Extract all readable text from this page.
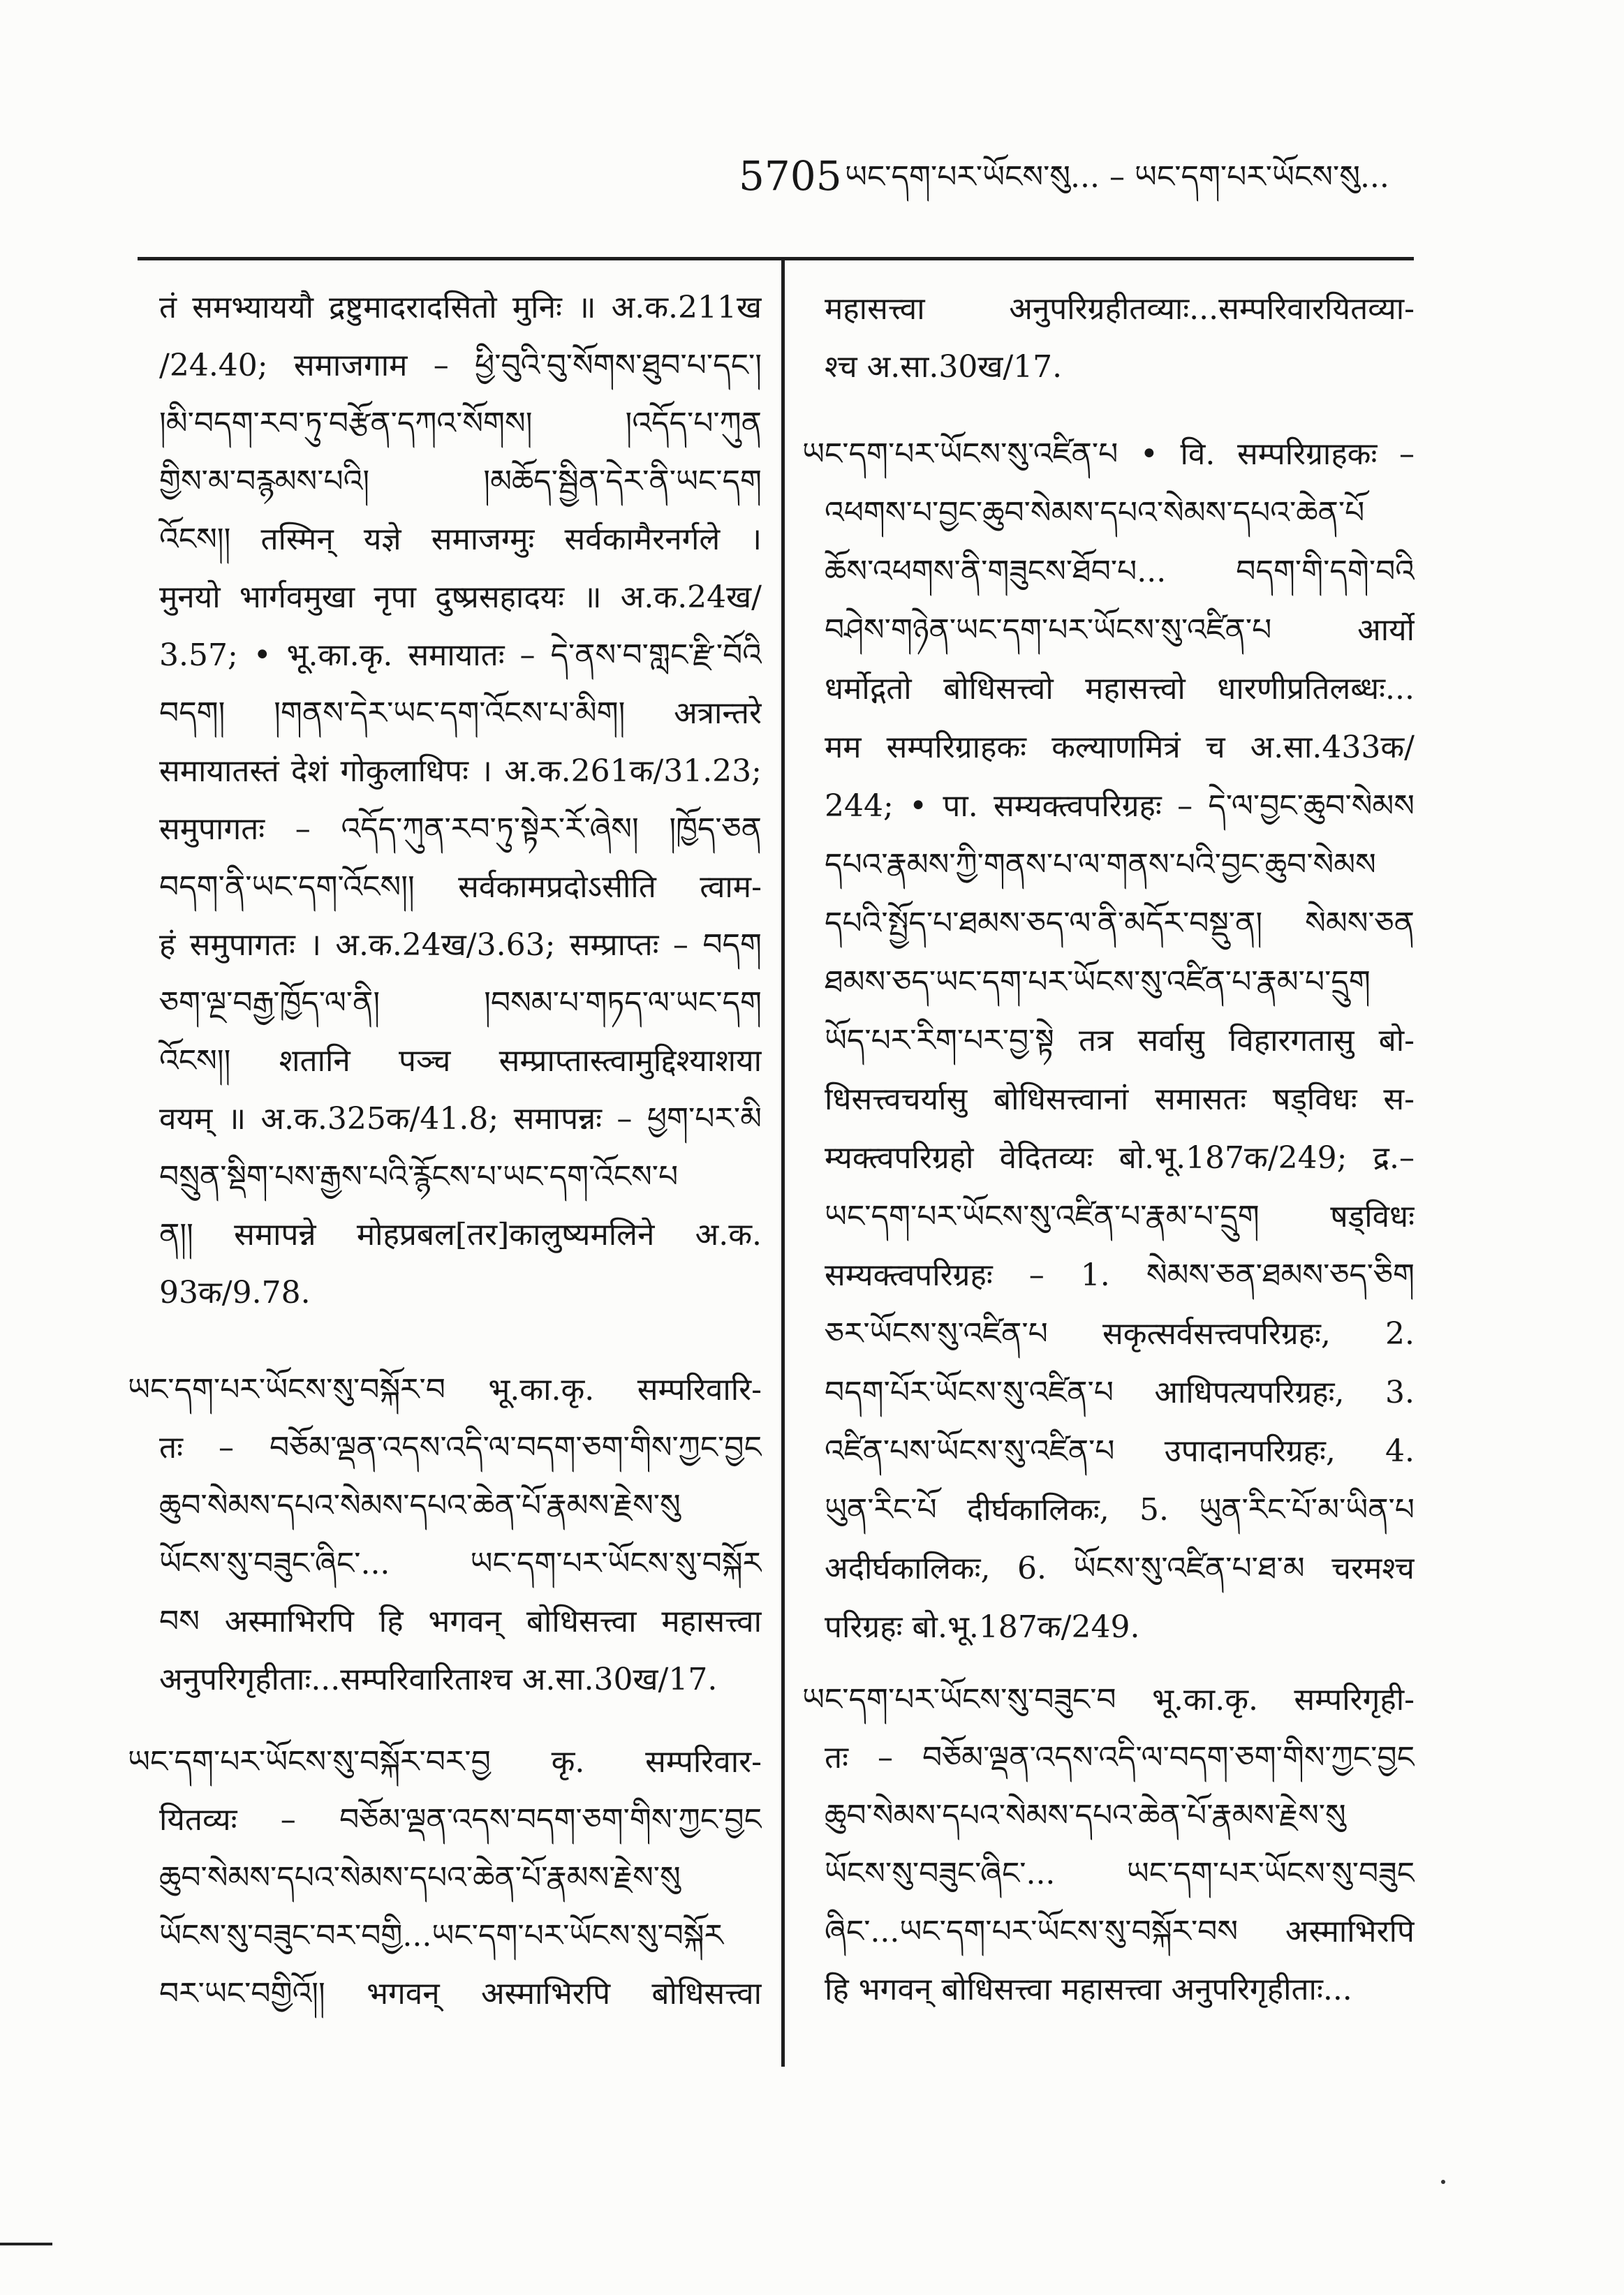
5705 ཡང་དག་པར་ཡོངས་སུ... – ཡང་དག་པར་ཡོངས་སུ...
तं समभ्याययौ द्रष्टुमादरादसितो मुनिः ॥ अ.क.211ख
/24.40; समाजगाम – ཕྱི་བུའི་བུ་སོགས་ཐུབ་པ་དང་།
།མི་བདག་རབ་ཏུ་བརྩོན་དཀའ་སོགས། །འདོད་པ་ཀུན
གྱིས་མ་བརྙམས་པའི། །མཆོད་སྦྱིན་དེར་ནི་ཡང་དག
འོངས།། तस्मिन् यज्ञे समाजग्मुः सर्वकामैरनर्गले ।
मुनयो भार्गवमुखा नृपा दुष्प्रसहादयः ॥ अ.क.24ख/
3.57; • भू.का.कृ. समायातः – དེ་ནས་བ་གླང་རྫི་བོའི
བདག། །གནས་དེར་ཡང་དག་འོངས་པ་མིག། अत्रान्तरे
समायातस्तं देशं गोकुलाधिपः । अ.क.261क/31.23;
समुपागतः – འདོད་ཀུན་རབ་ཏུ་སྟེར་རོ་ཞེས། །ཁྱོད་ཅན
བདག་ནི་ཡང་དག་འོངས།། सर्वकामप्रदोऽसीति त्वाम-
हं समुपागतः । अ.क.24ख/3.63; सम्प्राप्तः – བདག
ཅག་ལྔ་བརྒྱ་ཁྱོད་ལ་ནི། །བསམ་པ་གཏད་ལ་ཡང་དག
འོངས།། शतानि पञ्च सम्प्राप्तास्त्वामुद्दिश्याशया
वयम् ॥ अ.क.325क/41.8; समापन्नः – ཕྱག་པར་མི
བསྲུན་སྡིག་པས་རྒྱས་པའི་རྙོངས་པ་ཡང་དག་འོངས་པ
ན།། समापन्ने मोहप्रबल[तर]कालुष्यमलिने अ.क.
93क/9.78.
ཡང་དག་པར་ཡོངས་སུ་བསྐོར་བ भू.का.कृ. सम्परिवारि-
तः – བཅོམ་ལྡན་འདས་འདི་ལ་བདག་ཅག་གིས་ཀྱང་བྱང
ཆུབ་སེམས་དཔའ་སེམས་དཔའ་ཆེན་པོ་རྣམས་རྗེས་སུ
ཡོངས་སུ་བཟུང་ཞིང་... ཡང་དག་པར་ཡོངས་སུ་བསྐོར
བས अस्माभिरपि हि भगवन् बोधिसत्त्वा महासत्त्वा
अनुपरिगृहीताः...सम्परिवारिताश्च अ.सा.30ख/17.
ཡང་དག་པར་ཡོངས་སུ་བསྐོར་བར་བྱ कृ. सम्परिवार-
यितव्यः – བཅོམ་ལྡན་འདས་བདག་ཅག་གིས་ཀྱང་བྱང
ཆུབ་སེམས་དཔའ་སེམས་དཔའ་ཆེན་པོ་རྣམས་རྗེས་སུ
ཡོངས་སུ་བཟུང་བར་བགྱི...ཡང་དག་པར་ཡོངས་སུ་བསྐོར
བར་ཡང་བགྱིའོ།། भगवन् अस्माभिरपि बोधिसत्त्वा
महासत्त्वा अनुपरिग्रहीतव्याः...सम्परिवारयितव्या-
श्च अ.सा.30ख/17.
ཡང་དག་པར་ཡོངས་སུ་འཛིན་པ • वि. सम्परिग्राहकः –
འཕགས་པ་བྱང་ཆུབ་སེམས་དཔའ་སེམས་དཔའ་ཆེན་པོ
ཆོས་འཕགས་ནི་གཟུངས་ཐོབ་པ... བདག་གི་དགེ་བའི
བཤེས་གཉེན་ཡང་དག་པར་ཡོངས་སུ་འཛིན་པ आर्यो
धर्मोद्गतो बोधिसत्त्वो महासत्त्वो धारणीप्रतिलब्धः...
मम सम्परिग्राहकः कल्याणमित्रं च अ.सा.433क/
244; • पा. सम्यक्त्वपरिग्रहः – དེ་ལ་བྱང་ཆུབ་སེམས
དཔའ་རྣམས་ཀྱི་གནས་པ་ལ་གནས་པའི་བྱང་ཆུབ་སེམས
དཔའི་སྤྱོད་པ་ཐམས་ཅད་ལ་ནི་མདོར་བསྡུ་ན། སེམས་ཅན
ཐམས་ཅད་ཡང་དག་པར་ཡོངས་སུ་འཛིན་པ་རྣམ་པ་དྲུག
ཡོད་པར་རིག་པར་བྱ་སྟེ तत्र सर्वासु विहारगतासु बो-
धिसत्त्वचर्यासु बोधिसत्त्वानां समासतः षड्विधः स-
म्यक्त्वपरिग्रहो वेदितव्यः बो.भू.187क/249; द्र.–
ཡང་དག་པར་ཡོངས་སུ་འཛིན་པ་རྣམ་པ་དྲུག षड्विधः
सम्यक्त्वपरिग्रहः – 1. སེམས་ཅན་ཐམས་ཅད་ཅིག
ཅར་ཡོངས་སུ་འཛིན་པ सकृत्सर्वसत्त्वपरिग्रहः, 2.
བདག་པོར་ཡོངས་སུ་འཛིན་པ आधिपत्यपरिग्रहः, 3.
འཛིན་པས་ཡོངས་སུ་འཛིན་པ उपादानपरिग्रहः, 4.
ཡུན་རིང་པོ दीर्घकालिकः, 5. ཡུན་རིང་པོ་མ་ཡིན་པ
अदीर्घकालिकः, 6. ཡོངས་སུ་འཛིན་པ་ཐ་མ चरमश्च
परिग्रहः बो.भू.187क/249.
ཡང་དག་པར་ཡོངས་སུ་བཟུང་བ भू.का.कृ. सम्परिगृही-
तः – བཅོམ་ལྡན་འདས་འདི་ལ་བདག་ཅག་གིས་ཀྱང་བྱང
ཆུབ་སེམས་དཔའ་སེམས་དཔའ་ཆེན་པོ་རྣམས་རྗེས་སུ
ཡོངས་སུ་བཟུང་ཞིང་... ཡང་དག་པར་ཡོངས་སུ་བཟུང
ཞིང་...ཡང་དག་པར་ཡོངས་སུ་བསྐོར་བས अस्माभिरपि
हि भगवन् बोधिसत्त्वा महासत्त्वा अनुपरिगृहीताः...
